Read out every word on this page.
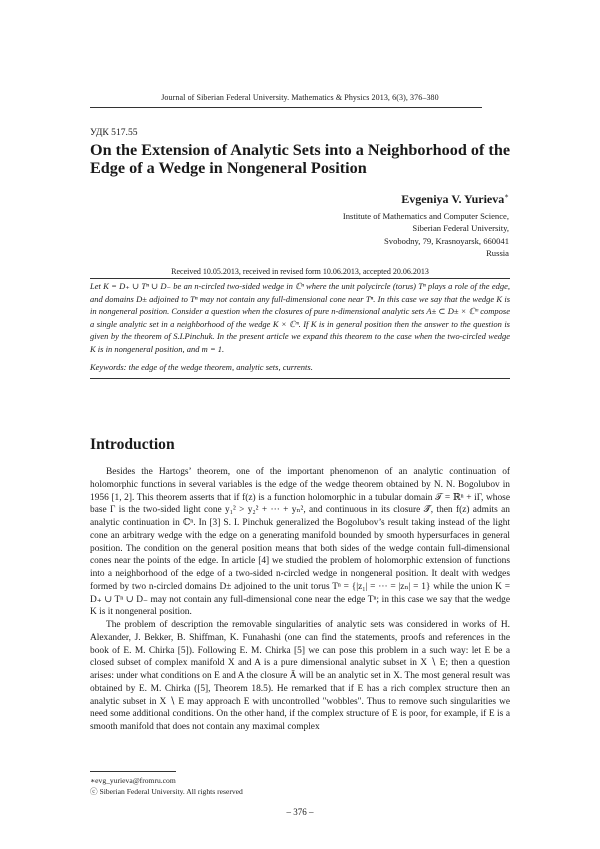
Journal of Siberian Federal University. Mathematics & Physics 2013, 6(3), 376–380
УДК 517.55
On the Extension of Analytic Sets into a Neighborhood of the Edge of a Wedge in Nongeneral Position
Evgeniya V. Yurieva∗
Institute of Mathematics and Computer Science,
Siberian Federal University,
Svobodny, 79, Krasnoyarsk, 660041
Russia
Received 10.05.2013, received in revised form 10.06.2013, accepted 20.06.2013
Let K = D₊ ∪ Tⁿ ∪ D₋ be an n-circled two-sided wedge in ℂⁿ where the unit polycircle (torus) Tⁿ plays a role of the edge, and domains D± adjoined to Tⁿ may not contain any full-dimensional cone near Tⁿ. In this case we say that the wedge K is in nongeneral position. Consider a question when the closures of pure n-dimensional analytic sets A± ⊂ D± × ℂᵐ compose a single analytic set in a neighborhood of the wedge K × ℂᵐ. If K is in general position then the answer to the question is given by the theorem of S.I.Pinchuk. In the present article we expand this theorem to the case when the two-circled wedge K is in nongeneral position, and m = 1.
Keywords: the edge of the wedge theorem, analytic sets, currents.
Introduction

Besides the Hartogs’ theorem, one of the important phenomenon of an analytic continuation of holomorphic functions in several variables is the edge of the wedge theorem obtained by N. N. Bogolubov in 1956 [1, 2]. This theorem asserts that if f(z) is a function holomorphic in a tubular domain 𝒯 = ℝⁿ + iΓ, whose base Γ is the two-sided light cone y₁² > y₂² + ··· + yₙ², and continuous in its closure 𝒯̄, then f(z) admits an analytic continuation in ℂⁿ. In [3] S. I. Pinchuk generalized the Bogolubov’s result taking instead of the light cone an arbitrary wedge with the edge on a generating manifold bounded by smooth hypersurfaces in general position. The condition on the general position means that both sides of the wedge contain full-dimensional cones near the points of the edge. In article [4] we studied the problem of holomorphic extension of functions into a neighborhood of the edge of a two-sided n-circled wedge in nongeneral position. It dealt with wedges formed by two n-circled domains D± adjoined to the unit torus Tⁿ = {|z₁| = ··· = |zₙ| = 1} while the union K = D₊ ∪ Tⁿ ∪ D₋ may not contain any full-dimensional cone near the edge Tⁿ; in this case we say that the wedge K is it nongeneral position.

The problem of description the removable singularities of analytic sets was considered in works of H. Alexander, J. Bekker, B. Shiffman, K. Funahashi (one can find the statements, proofs and references in the book of E. M. Chirka [5]). Following E. M. Chirka [5] we can pose this problem in a such way: let E be a closed subset of complex manifold X and A is a pure dimensional analytic subset in X ∖ E; then a question arises: under what conditions on E and A the closure Ā will be an analytic set in X. The most general result was obtained by E. M. Chirka ([5], Theorem 18.5). He remarked that if E has a rich complex structure then an analytic subset in X ∖ E may approach E with uncontrolled "wobbles". Thus to remove such singularities we need some additional conditions. On the other hand, if the complex structure of E is poor, for example, if E is a smooth manifold that does not contain any maximal complex

∗evg_yurieva@fromru.com
ⓒ Siberian Federal University. All rights reserved
– 376 –
